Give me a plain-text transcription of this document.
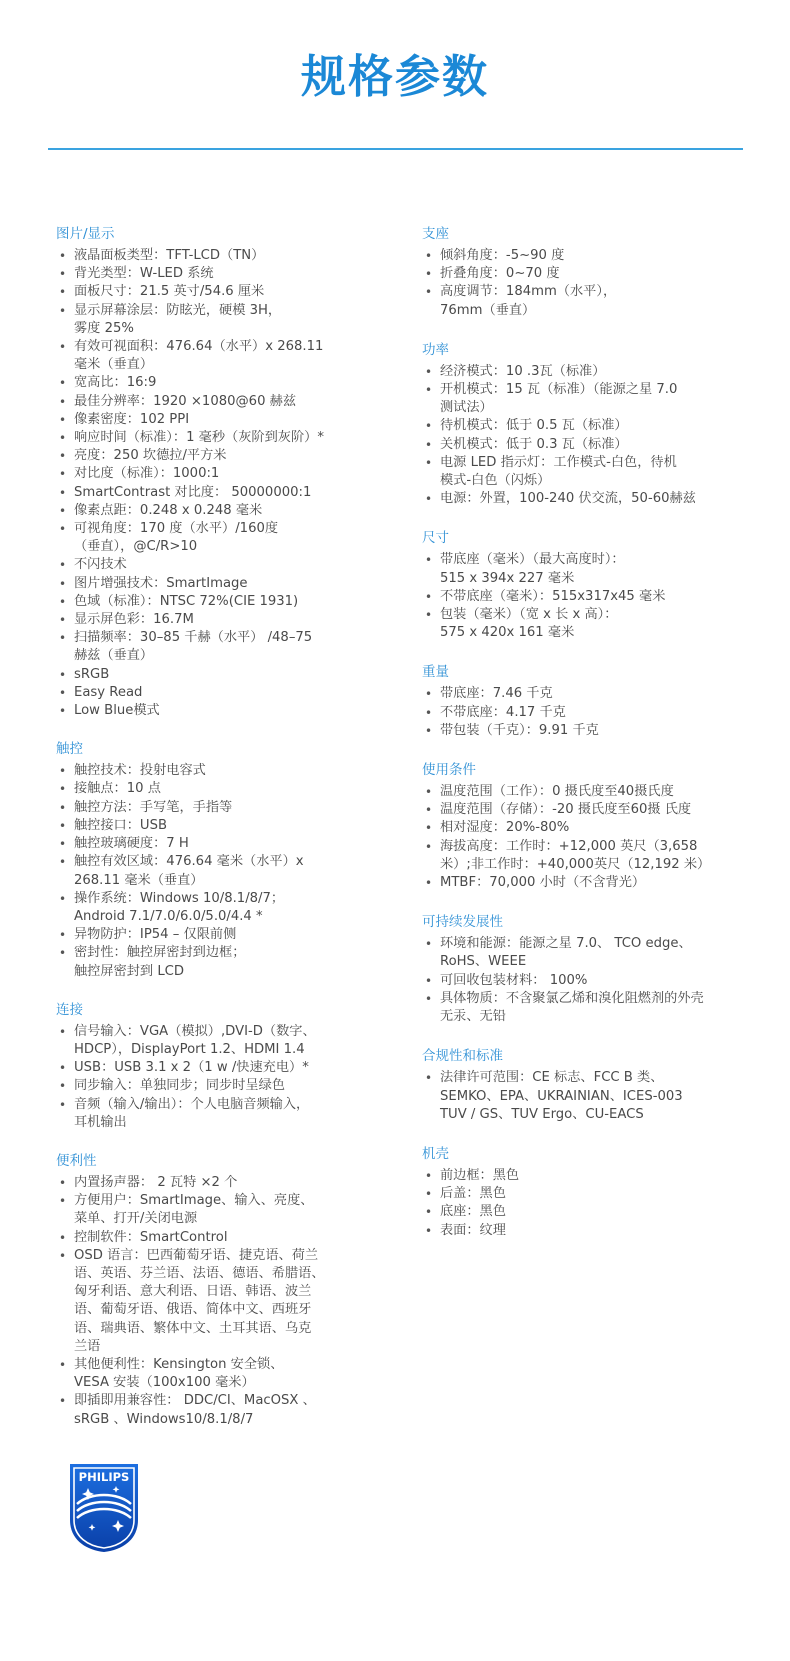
规格参数
图片/显示
• 液晶面板类型：TFT-LCD（TN）
• 背光类型：W-LED 系统
• 面板尺寸：21.5 英寸/54.6 厘米
• 显示屏幕涂层：防眩光，硬模 3H，
雾度 25%
• 有效可视面积：476.64（水平）x 268.11
毫米（垂直）
• 宽高比：16:9
• 最佳分辨率：1920 ×1080@60 赫兹
• 像素密度：102 PPI
• 响应时间（标准）：1 毫秒（灰阶到灰阶）*
• 亮度：250 坎德拉/平方米
• 对比度（标准）：1000:1
• SmartContrast 对比度： 50000000:1
• 像素点距：0.248 x 0.248 毫米
• 可视角度：170 度（水平）/160度
（垂直），@C/R>10
• 不闪技术
• 图片增强技术：SmartImage
• 色域（标准）：NTSC 72%(CIE 1931)
• 显示屏色彩：16.7M
• 扫描频率：30–85 千赫（水平） /48–75
赫兹（垂直）
• sRGB
• Easy Read
• Low Blue模式
触控
• 触控技术：投射电容式
• 接触点：10 点
• 触控方法：手写笔，手指等
• 触控接口：USB
• 触控玻璃硬度：7 H
• 触控有效区域：476.64 毫米（水平）x
268.11 毫米（垂直）
• 操作系统：Windows 10/8.1/8/7；
Android 7.1/7.0/6.0/5.0/4.4 *
• 异物防护：IP54 – 仅限前侧
• 密封性：触控屏密封到边框；
触控屏密封到 LCD
连接
• 信号输入：VGA（模拟）,DVI-D（数字、
HDCP），DisplayPort 1.2、HDMI 1.4
• USB：USB 3.1 x 2（1 w /快速充电）*
• 同步输入：单独同步；同步时呈绿色
• 音频（输入/输出）：个人电脑音频输入，
耳机输出
便利性
• 内置扬声器： 2 瓦特 ×2 个
• 方便用户：SmartImage、输入、亮度、
菜单、打开/关闭电源
• 控制软件：SmartControl
• OSD 语言：巴西葡萄牙语、捷克语、荷兰
语、英语、芬兰语、法语、德语、希腊语、
匈牙利语、意大利语、日语、韩语、波兰
语、葡萄牙语、俄语、简体中文、西班牙
语、瑞典语、繁体中文、土耳其语、乌克
兰语
• 其他便利性：Kensington 安全锁、
VESA 安装（100x100 毫米）
• 即插即用兼容性： DDC/CI、MacOSX 、
sRGB 、Windows10/8.1/8/7
支座
• 倾斜角度：-5~90 度
• 折叠角度：0~70 度
• 高度调节：184mm（水平），
76mm（垂直）
功率
• 经济模式：10 .3瓦（标准）
• 开机模式：15 瓦（标准）（能源之星 7.0
测试法）
• 待机模式：低于 0.5 瓦（标准）
• 关机模式：低于 0.3 瓦（标准）
• 电源 LED 指示灯：工作模式-白色，待机
模式-白色（闪烁）
• 电源：外置，100-240 伏交流，50-60赫兹
尺寸
• 带底座（毫米）（最大高度时）：
515 x 394x 227 毫米
• 不带底座（毫米）：515x317x45 毫米
• 包装（毫米）（宽 x 长 x 高）：
575 x 420x 161 毫米
重量
• 带底座：7.46 千克
• 不带底座：4.17 千克
• 带包装（千克）：9.91 千克
使用条件
• 温度范围（工作）：0 摄氏度至40摄氏度
• 温度范围（存储）：-20 摄氏度至60摄 氏度
• 相对湿度：20%-80%
• 海拔高度：工作时：+12,000 英尺（3,658
米）;非工作时：+40,000英尺（12,192 米）
• MTBF：70,000 小时（不含背光）
可持续发展性
• 环境和能源：能源之星 7.0、 TCO edge、
RoHS、WEEE
• 可回收包装材料： 100%
• 具体物质：不含聚氯乙烯和溴化阻燃剂的外壳
无汞、无铅
合规性和标准
• 法律许可范围：CE 标志、FCC B 类、
SEMKO、EPA、UKRAINIAN、ICES-003
TUV / GS、TUV Ergo、CU-EACS
机壳
• 前边框：黑色
• 后盖：黑色
• 底座：黑色
• 表面：纹理
PHILIPS
